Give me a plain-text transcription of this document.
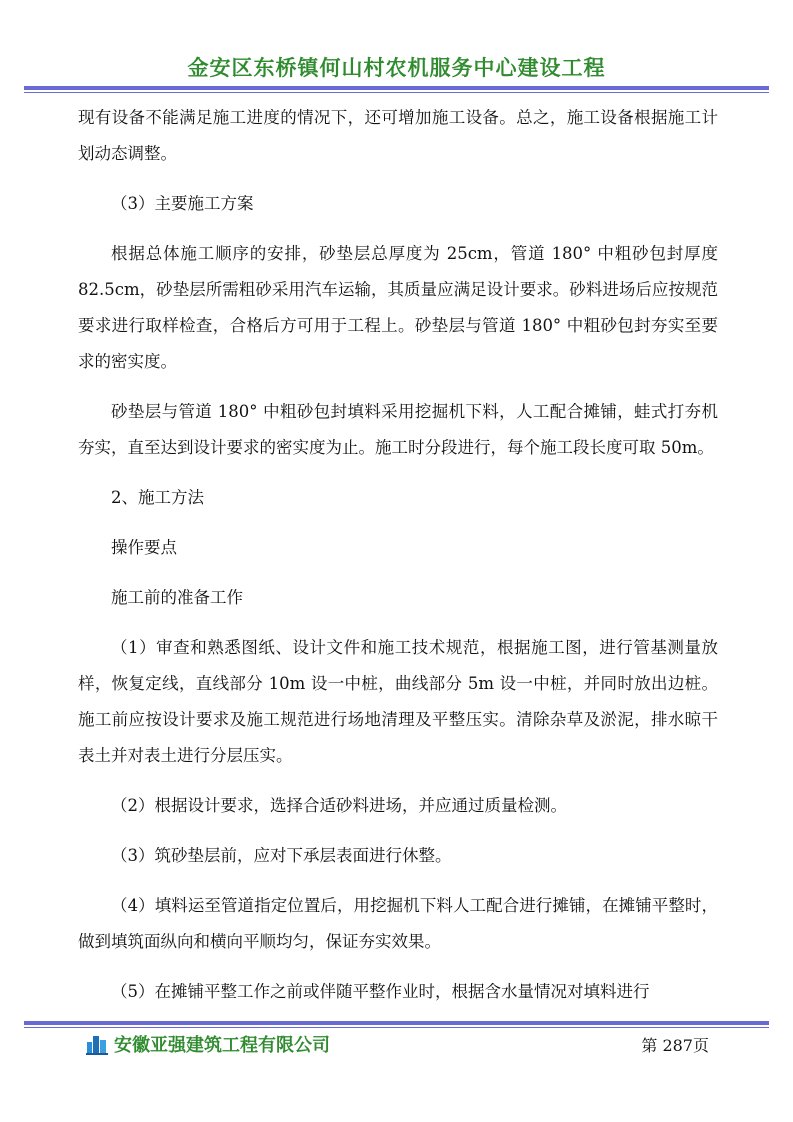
金安区东桥镇何山村农机服务中心建设工程

现有设备不能满足施工进度的情况下，还可增加施工设备。总之，施工设备根据施工计划动态调整。

（3）主要施工方案

根据总体施工顺序的安排，砂垫层总厚度为 25cm，管道 180° 中粗砂包封厚度 82.5cm，砂垫层所需粗砂采用汽车运输，其质量应满足设计要求。砂料进场后应按规范要求进行取样检查，合格后方可用于工程上。砂垫层与管道 180° 中粗砂包封夯实至要求的密实度。

砂垫层与管道 180° 中粗砂包封填料采用挖掘机下料，人工配合摊铺，蛙式打夯机夯实，直至达到设计要求的密实度为止。施工时分段进行，每个施工段长度可取 50m。

2、施工方法

操作要点

施工前的准备工作

（1）审查和熟悉图纸、设计文件和施工技术规范，根据施工图，进行管基测量放样，恢复定线，直线部分 10m 设一中桩，曲线部分 5m 设一中桩，并同时放出边桩。施工前应按设计要求及施工规范进行场地清理及平整压实。清除杂草及淤泥，排水晾干表土并对表土进行分层压实。

（2）根据设计要求，选择合适砂料进场，并应通过质量检测。

（3）筑砂垫层前，应对下承层表面进行休整。

（4）填料运至管道指定位置后，用挖掘机下料人工配合进行摊铺，在摊铺平整时，做到填筑面纵向和横向平顺均匀，保证夯实效果。

（5）在摊铺平整工作之前或伴随平整作业时，根据含水量情况对填料进行

安徽亚强建筑工程有限公司	第 287页
